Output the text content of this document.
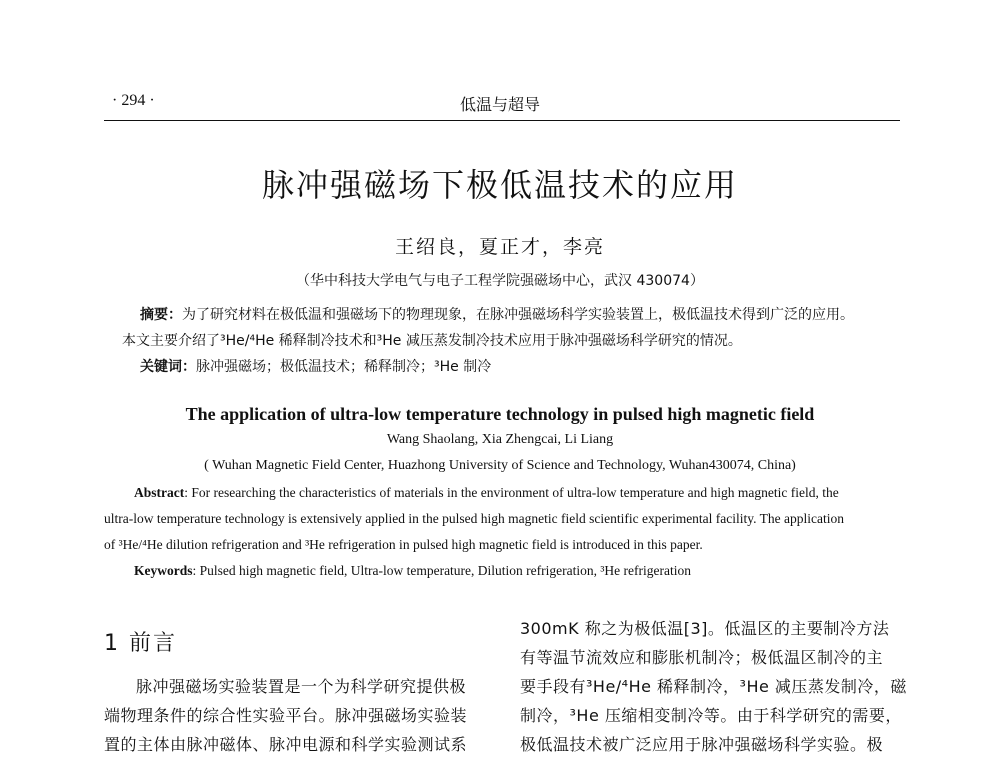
· 294 ·	低温与超导
脉冲强磁场下极低温技术的应用
王绍良，夏正才，李亮
（华中科技大学电气与电子工程学院强磁场中心，武汉 430074）
摘要：为了研究材料在极低温和强磁场下的物理现象，在脉冲强磁场科学实验装置上，极低温技术得到广泛的应用。
本文主要介绍了³He/⁴He 稀释制冷技术和³He 减压蒸发制冷技术应用于脉冲强磁场科学研究的情况。
关键词：脉冲强磁场；极低温技术；稀释制冷；³He 制冷
The application of ultra-low temperature technology in pulsed high magnetic field
Wang Shaolang, Xia Zhengcai, Li Liang
( Wuhan Magnetic Field Center, Huazhong University of Science and Technology, Wuhan430074, China)
Abstract: For researching the characteristics of materials in the environment of ultra-low temperature and high magnetic field, the
ultra-low temperature technology is extensively applied in the pulsed high magnetic field scientific experimental facility. The application
of ³He/⁴He dilution refrigeration and ³He refrigeration in pulsed high magnetic field is introduced in this paper.
Keywords: Pulsed high magnetic field, Ultra-low temperature, Dilution refrigeration, ³He refrigeration
1 前言
脉冲强磁场实验装置是一个为科学研究提供极
端物理条件的综合性实验平台。脉冲强磁场实验装
置的主体由脉冲磁体、脉冲电源和科学实验测试系
300mK 称之为极低温[3]。低温区的主要制冷方法
有等温节流效应和膨胀机制冷；极低温区制冷的主
要手段有³He/⁴He 稀释制冷，³He 减压蒸发制冷，磁
制冷，³He 压缩相变制冷等。由于科学研究的需要，
极低温技术被广泛应用于脉冲强磁场科学实验。极
